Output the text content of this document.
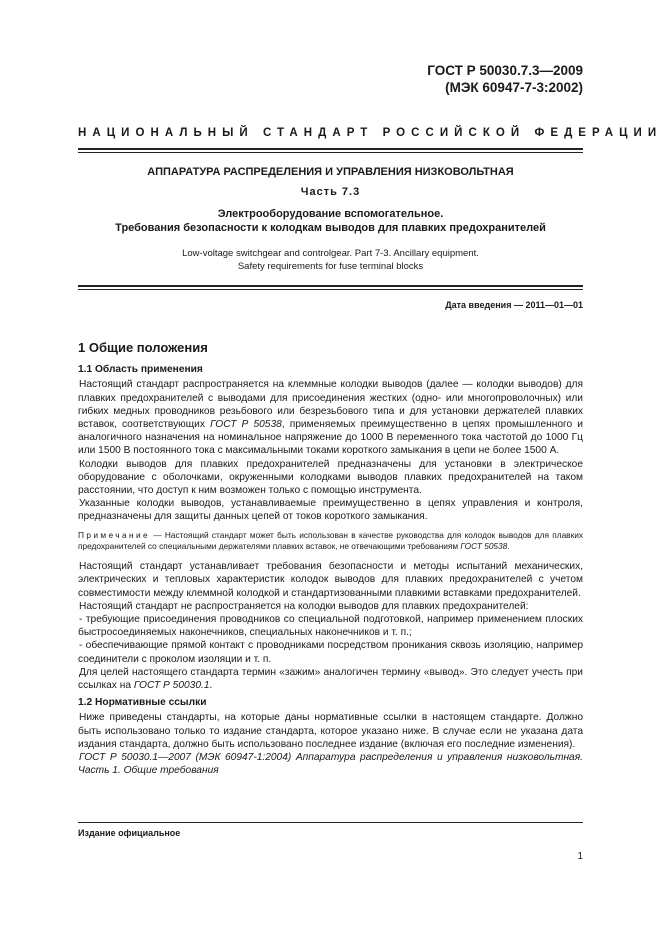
ГОСТ Р 50030.7.3—2009
(МЭК 60947-7-3:2002)
НАЦИОНАЛЬНЫЙ СТАНДАРТ РОССИЙСКОЙ ФЕДЕРАЦИИ
АППАРАТУРА РАСПРЕДЕЛЕНИЯ И УПРАВЛЕНИЯ НИЗКОВОЛЬТНАЯ
Часть 7.3
Электрооборудование вспомогательное.
Требования безопасности к колодкам выводов для плавких предохранителей
Low-voltage switchgear and controlgear. Part 7-3. Ancillary equipment.
Safety requirements for fuse terminal blocks
Дата введения — 2011—01—01
1 Общие положения
1.1 Область применения

Настоящий стандарт распространяется на клеммные колодки выводов (далее — колодки выводов) для плавких предохранителей с выводами для присоединения жестких (одно- или многопроволочных) или гибких медных проводников резьбового или безрезьбового типа и для установки держателей плавких вставок, соответствующих ГОСТ Р 50538, применяемых преимущественно в цепях промышленного и аналогичного назначения на номинальное напряжение до 1000 В переменного тока частотой до 1000 Гц или 1500 В постоянного тока с максимальными токами короткого замыкания в цепи не более 1500 А.

Колодки выводов для плавких предохранителей предназначены для установки в электрическое оборудование с оболочками, окруженными колодками выводов плавких предохранителей на таком расстоянии, что доступ к ним возможен только с помощью инструмента.

Указанные колодки выводов, устанавливаемые преимущественно в цепях управления и контроля, предназначены для защиты данных цепей от токов короткого замыкания.

Примечание — Настоящий стандарт может быть использован в качестве руководства для колодок выводов для плавких предохранителей со специальными держателями плавких вставок, не отвечающими требованиям ГОСТ 50538.

Настоящий стандарт устанавливает требования безопасности и методы испытаний механических, электрических и тепловых характеристик колодок выводов для плавких предохранителей с учетом совместимости между клеммной колодкой и стандартизованными плавкими вставками предохранителей.

Настоящий стандарт не распространяется на колодки выводов для плавких предохранителей:

- требующие присоединения проводников со специальной подготовкой, например применением плоских быстросоединяемых наконечников, специальных наконечников и т. п.;

- обеспечивающие прямой контакт с проводниками посредством проникания сквозь изоляцию, например соединители с проколом изоляции и т. п.

Для целей настоящего стандарта термин «зажим» аналогичен термину «вывод». Это следует учесть при ссылках на ГОСТ Р 50030.1.

1.2 Нормативные ссылки

Ниже приведены стандарты, на которые даны нормативные ссылки в настоящем стандарте. Должно быть использовано только то издание стандарта, которое указано ниже. В случае если не указана дата издания стандарта, должно быть использовано последнее издание (включая его последние изменения).

ГОСТ Р 50030.1—2007 (МЭК 60947-1:2004) Аппаратура распределения и управления низковольтная. Часть 1. Общие требования

Издание официальное
1
